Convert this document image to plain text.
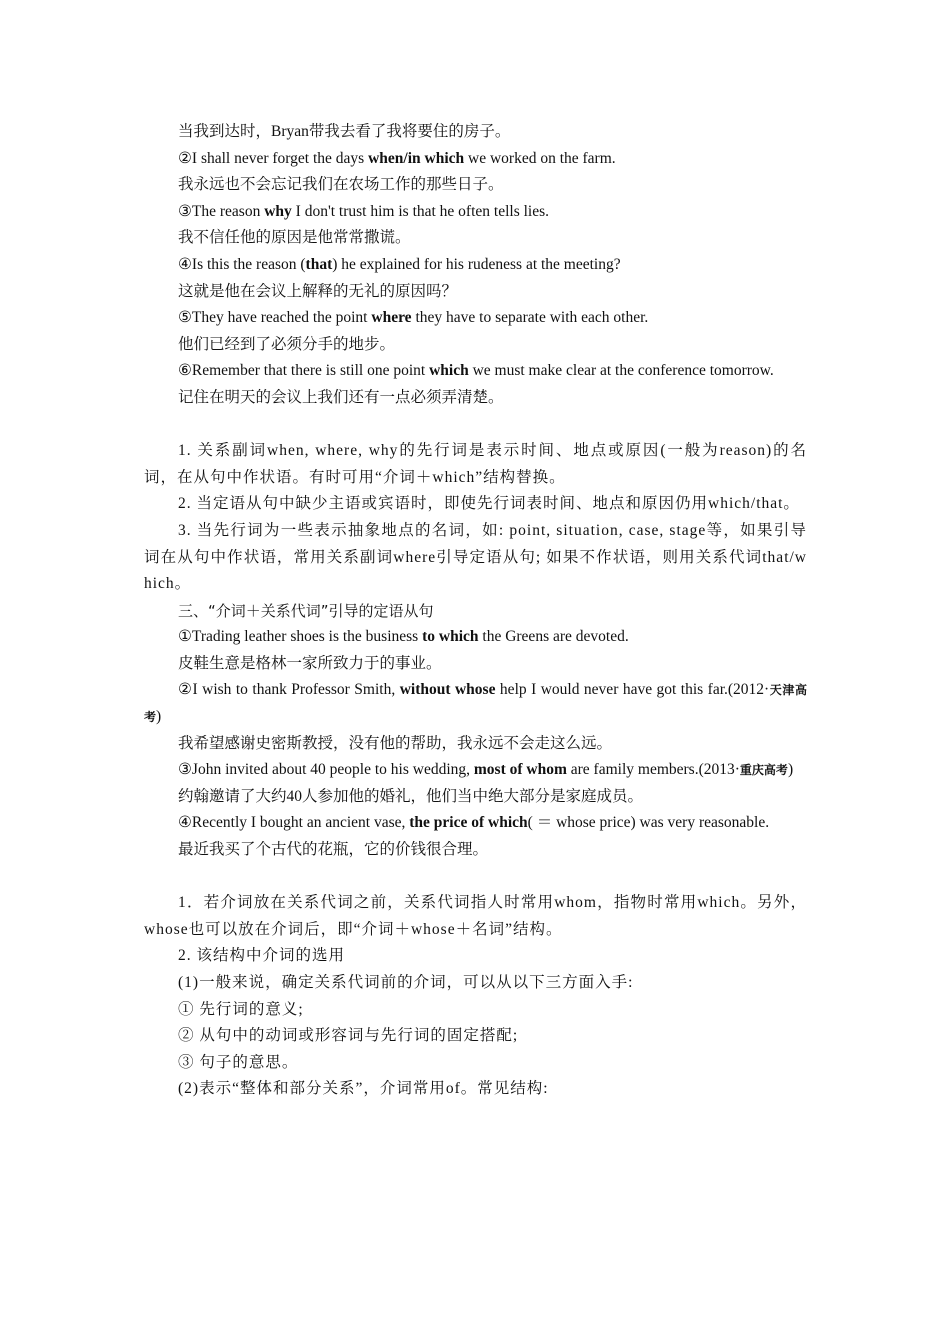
当我到达时，Bryan带我去看了我将要住的房子。

②I shall never forget the days when/in which we worked on the farm.

我永远也不会忘记我们在农场工作的那些日子。

③The reason why I don't trust him is that he often tells lies.

我不信任他的原因是他常常撒谎。

④Is this the reason (that) he explained for his rudeness at the meeting?

这就是他在会议上解释的无礼的原因吗？

⑤They have reached the point where they have to separate with each other.

他们已经到了必须分手的地步。

⑥Remember that there is still one point which we must make clear at the conference tomorrow.

记住在明天的会议上我们还有一点必须弄清楚。

1. 关系副词when, where, why的先行词是表示时间、地点或原因(一般为reason)的名词，在从句中作状语。有时可用“介词＋which”结构替换。

2. 当定语从句中缺少主语或宾语时，即使先行词表时间、地点和原因仍用which/that。

3. 当先行词为一些表示抽象地点的名词，如: point, situation, case, stage等，如果引导词在从句中作状语，常用关系副词where引导定语从句; 如果不作状语，则用关系代词that/which。

三、“介词＋关系代词”引导的定语从句

①Trading leather shoes is the business to which the Greens are devoted.

皮鞋生意是格林一家所致力于的事业。

②I wish to thank Professor Smith, without whose help I would never have got this far.(2012·天津高考)

我希望感谢史密斯教授，没有他的帮助，我永远不会走这么远。

③John invited about 40 people to his wedding, most of whom are family members.(2013·重庆高考)

约翰邀请了大约40人参加他的婚礼，他们当中绝大部分是家庭成员。

④Recently I bought an ancient vase, the price of which( ＝ whose price) was very reasonable.

最近我买了个古代的花瓶，它的价钱很合理。

1．若介词放在关系代词之前，关系代词指人时常用whom，指物时常用which。另外，whose也可以放在介词后，即“介词＋whose＋名词”结构。

2. 该结构中介词的选用

(1)一般来说，确定关系代词前的介词，可以从以下三方面入手:

① 先行词的意义;

② 从句中的动词或形容词与先行词的固定搭配;

③ 句子的意思。

(2)表示“整体和部分关系”，介词常用of。常见结构:
